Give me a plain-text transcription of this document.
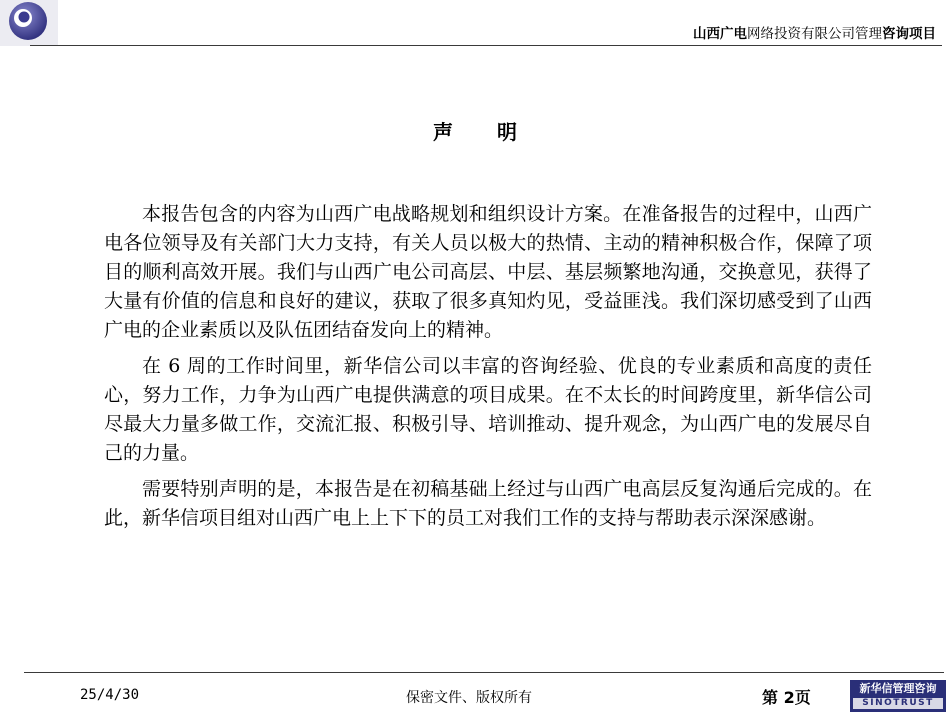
山西广电网络投资有限公司管理咨询项目
声明

本报告包含的内容为山西广电战略规划和组织设计方案。在准备报告的过程中，山西广电各位领导及有关部门大力支持，有关人员以极大的热情、主动的精神积极合作，保障了项目的顺利高效开展。我们与山西广电公司高层、中层、基层频繁地沟通，交换意见，获得了大量有价值的信息和良好的建议，获取了很多真知灼见，受益匪浅。我们深切感受到了山西广电的企业素质以及队伍团结奋发向上的精神。

在 6 周的工作时间里，新华信公司以丰富的咨询经验、优良的专业素质和高度的责任心，努力工作，力争为山西广电提供满意的项目成果。在不太长的时间跨度里，新华信公司尽最大力量多做工作，交流汇报、积极引导、培训推动、提升观念，为山西广电的发展尽自己的力量。

需要特别声明的是，本报告是在初稿基础上经过与山西广电高层反复沟通后完成的。在此，新华信项目组对山西广电上上下下的员工对我们工作的支持与帮助表示深深感谢。

25/4/30	保密文件、版权所有	第 2页	新华信管理咨询
SINOTRUST
